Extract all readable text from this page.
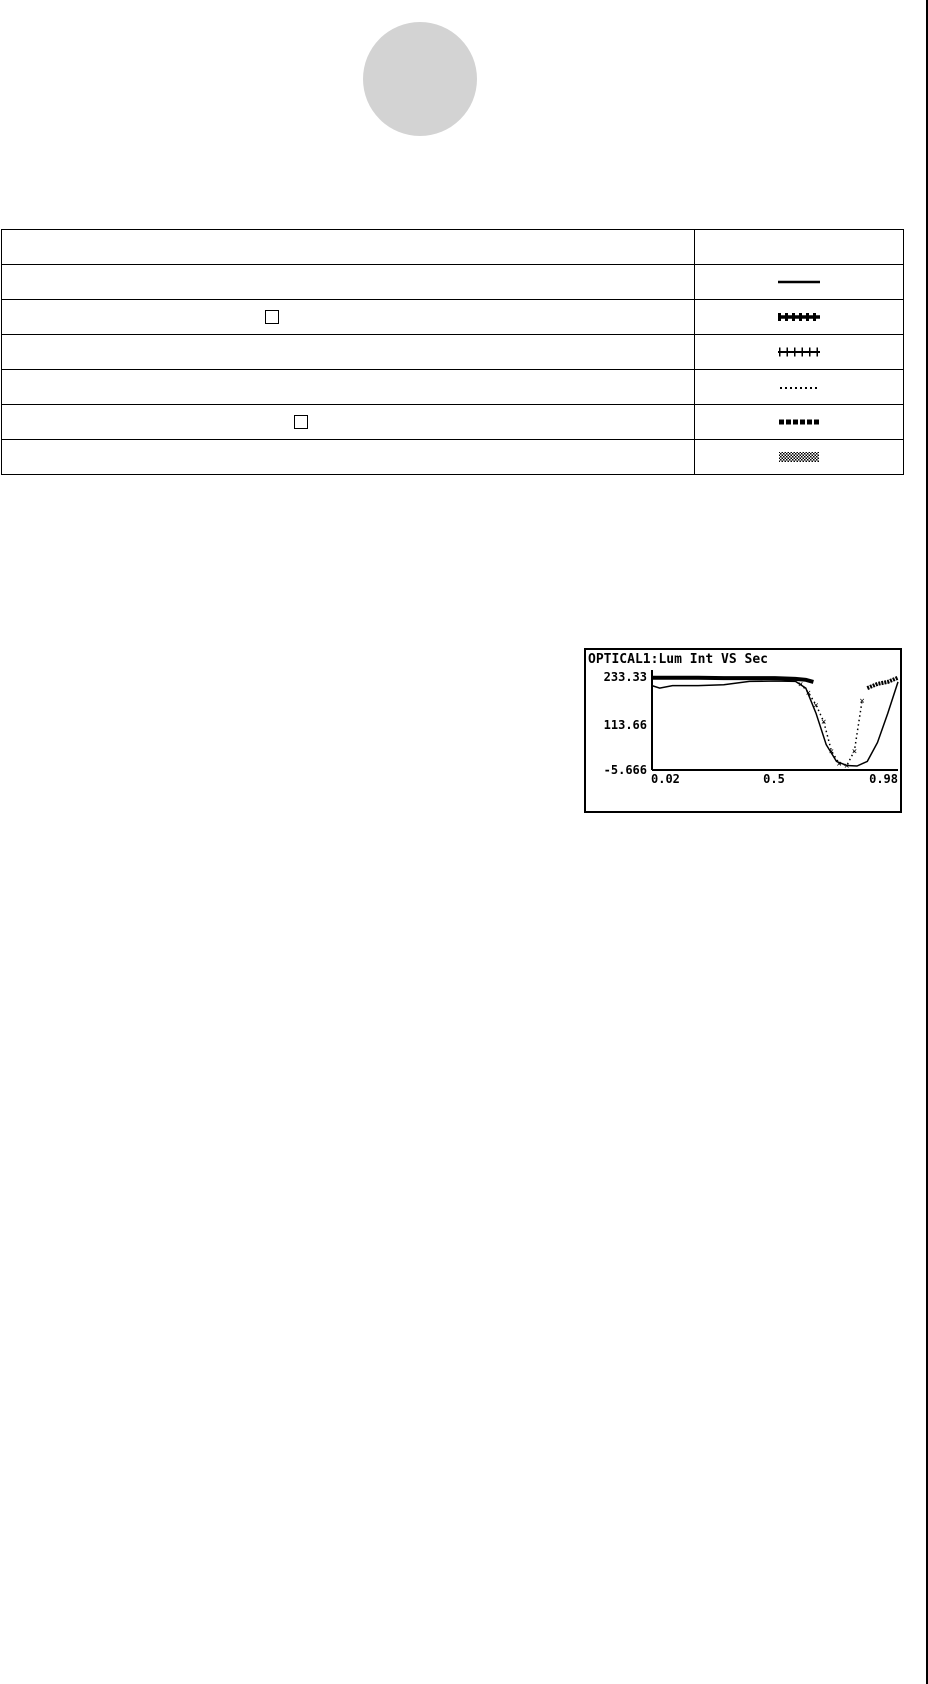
OPTICAL1:Lum Int VS Sec
233.33
113.66
-5.666
0.02	0.5	0.98
×
×
×
×
×
× ×
×
×
